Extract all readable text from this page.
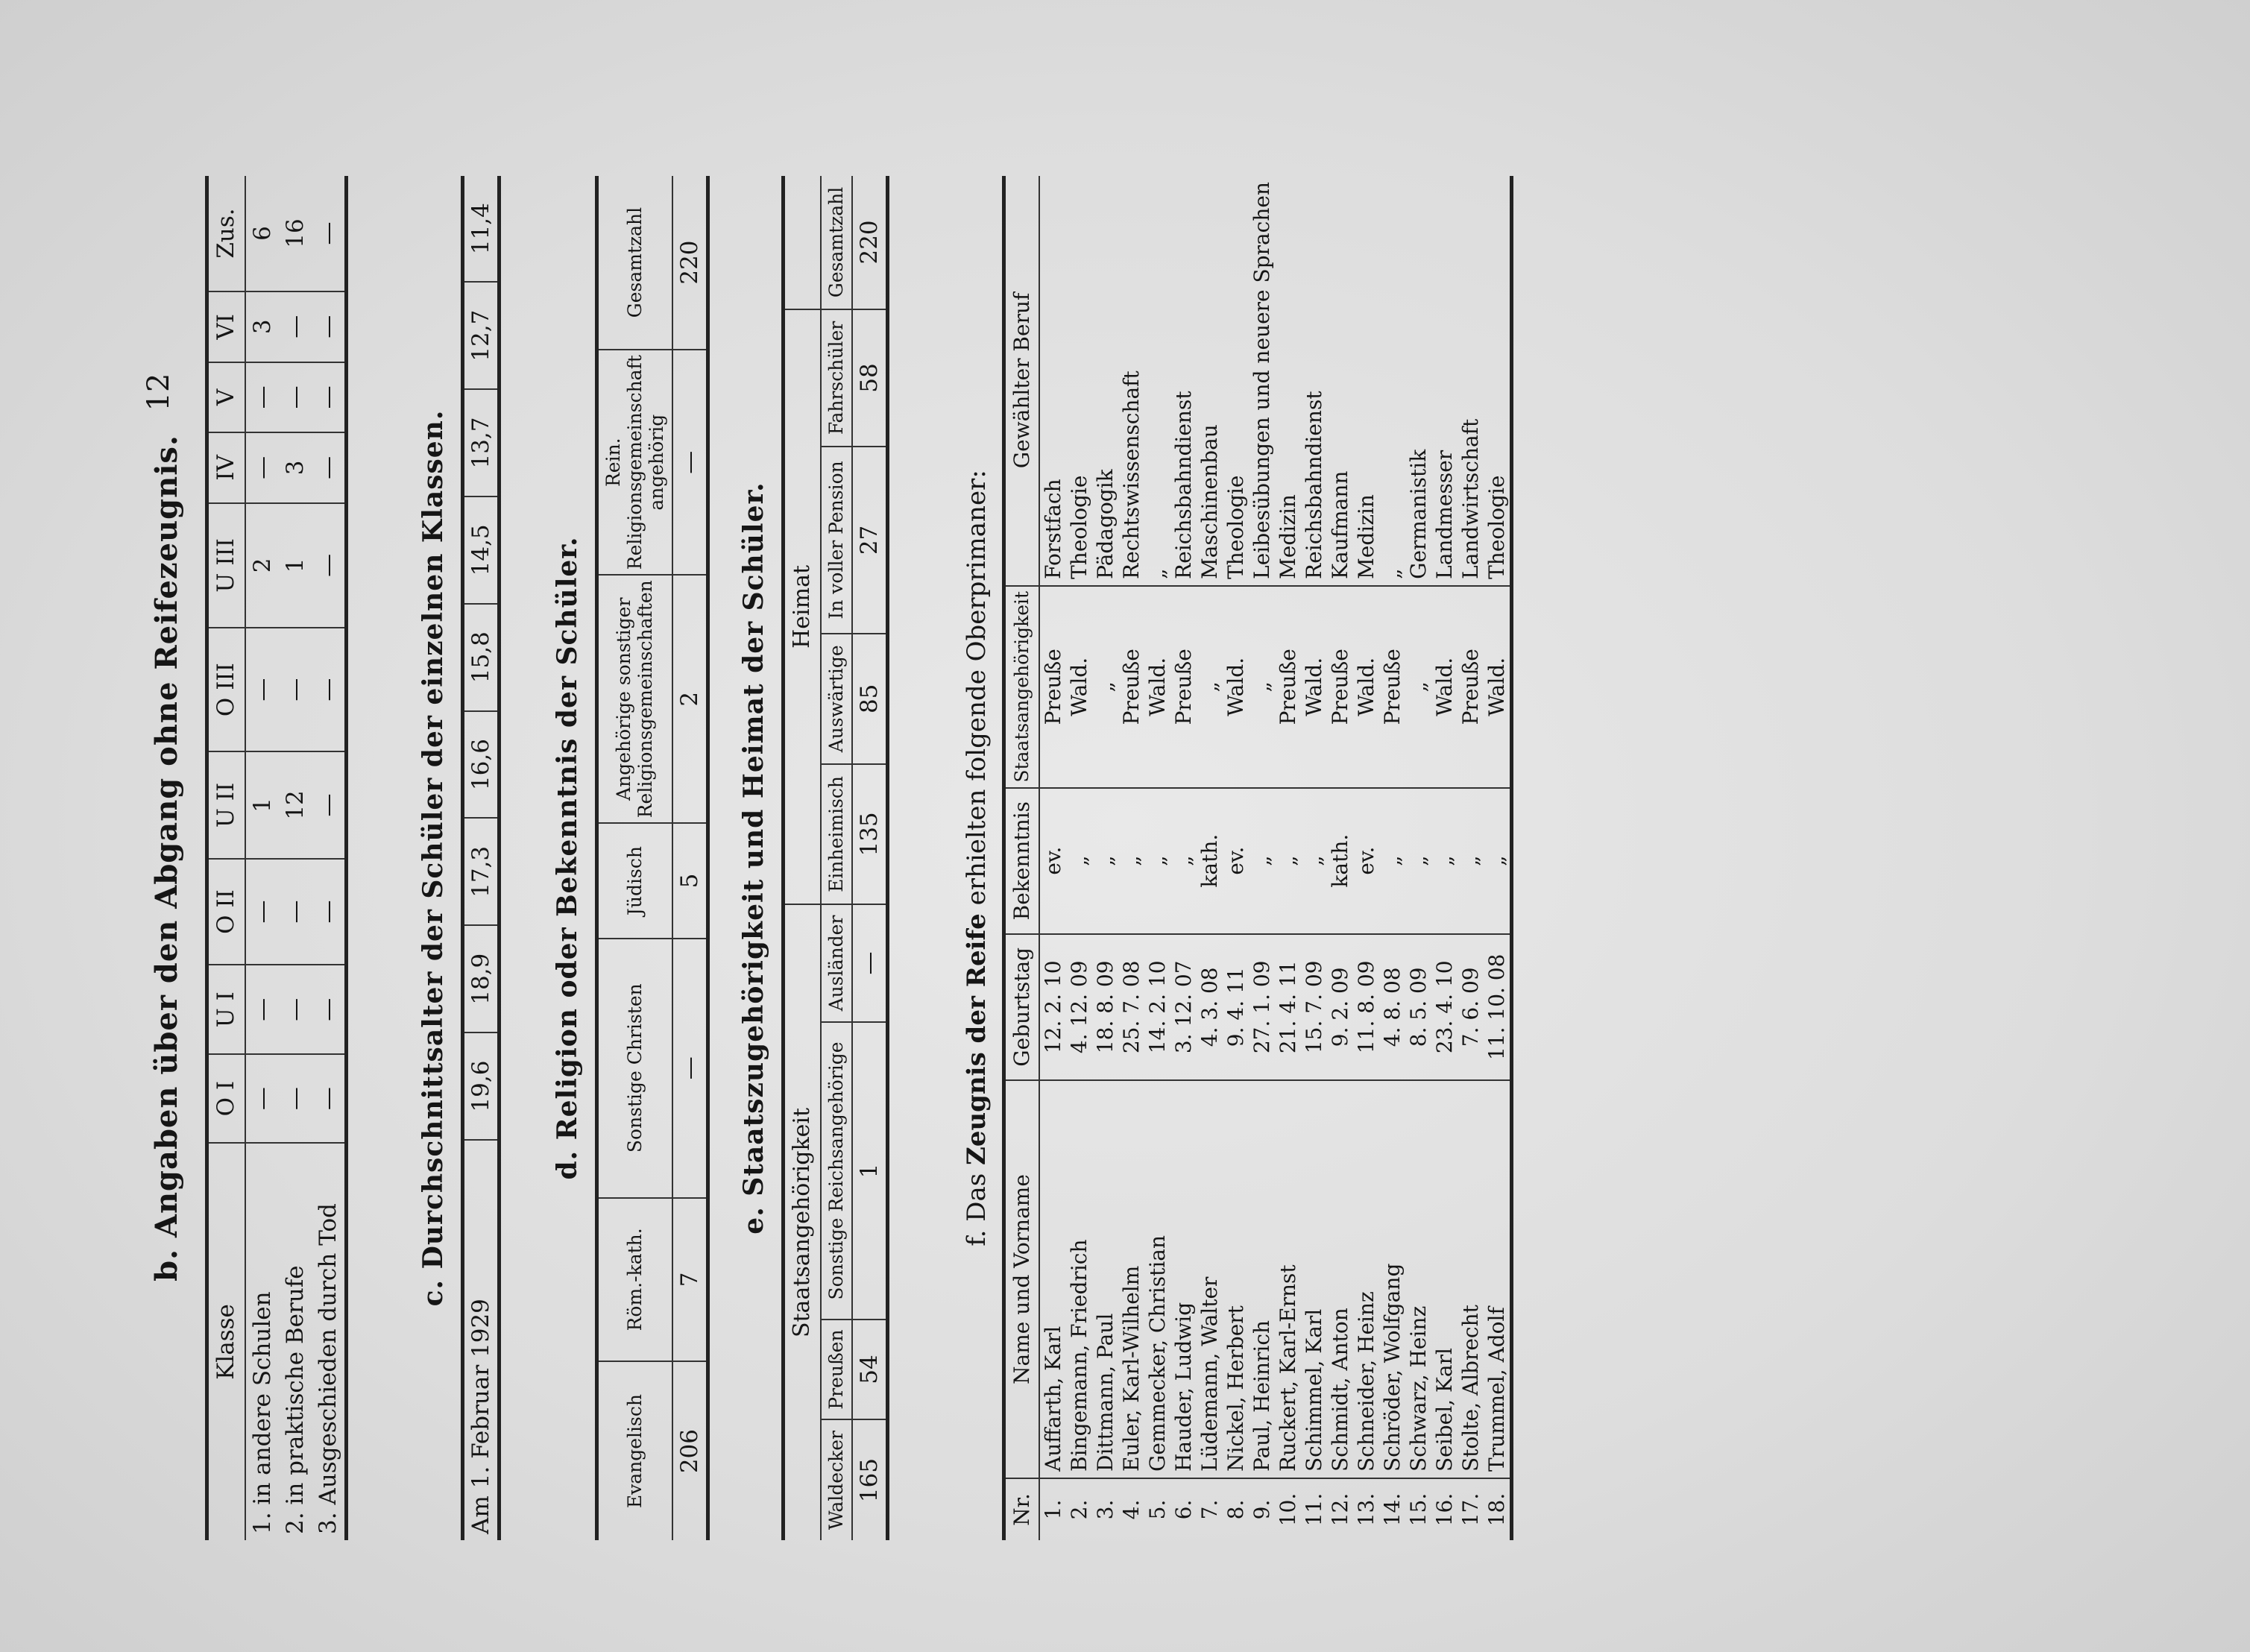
12
b. Angaben über den Abgang ohne Reifezeugnis.
Klasse	O I	U I	O II	U II	O III	U III	IV	V	VI	Zus.
1. in andere Schulen	—	—	—	1	—	2	—	—	3	6
2. in praktische Berufe	—	—	—	12	—	1	3	—	—	16
3. Ausgeschieden durch Tod	—	—	—	—	—	—	—	—	—	—
c. Durchschnittsalter der Schüler der einzelnen Klassen.
Am 1. Februar 1929	19,6	18,9	17,3	16,6	15,8	14,5	13,7	12,7	11,4
d. Religion oder Bekenntnis der Schüler.
Evangelisch	Röm.-kath.	Sonstige Christen	Jüdisch	Angehörige sonstiger Religionsgemeinschaften	Rein. Religionsgemeinschaft angehörig	Gesamtzahl
206	7	—	5	2	—	220
e. Staatszugehörigkeit und Heimat der Schüler. Staatsangehörigkeit				Heimat				
Waldecker	Preußen	Sonstige Reichsangehörige	Ausländer	Einheimisch	Auswärtige	In voller Pension	Fahrschüler	Gesamtzahl
165	54	1	—	135	85	27	58	220

f. Das Zeugnis der Reife erhielten folgende Oberprimaner:

Nr.	Name und Vorname	Geburtstag	Bekenntnis	Staatsangehörigkeit	Gewählter Beruf
1.	Auffarth, Karl	12. 2. 10	ev.	Preuße	Forstfach
2.	Bingemann, Friedrich	4. 12. 09	„	Wald.	Theologie
3.	Dittmann, Paul	18. 8. 09	„	„	Pädagogik
4.	Euler, Karl-Wilhelm	25. 7. 08	„	Preuße	Rechtswissenschaft
5.	Gemmecker, Christian	14. 2. 10	„	Wald.	„
6.	Hauder, Ludwig	3. 12. 07	„	Preuße	Reichsbahndienst
7.	Lüdemann, Walter	4. 3. 08	kath.	„	Maschinenbau
8.	Nickel, Herbert	9. 4. 11	ev.	Wald.	Theologie
9.	Paul, Heinrich	27. 1. 09	„	„	Leibesübungen und neuere Sprachen
10.	Ruckert, Karl-Ernst	21. 4. 11	„	Preuße	Medizin
11.	Schimmel, Karl	15. 7. 09	„	Wald.	Reichsbahndienst
12.	Schmidt, Anton	9. 2. 09	kath.	Preuße	Kaufmann
13.	Schneider, Heinz	11. 8. 09	ev.	Wald.	Medizin
14.	Schröder, Wolfgang	4. 8. 08	„	Preuße	„
15.	Schwarz, Heinz	8. 5. 09	„	„	Germanistik
16.	Seibel, Karl	23. 4. 10	„	Wald.	Landmesser
17.	Stolte, Albrecht	7. 6. 09	„	Preuße	Landwirtschaft
18.	Trummel, Adolf	11. 10. 08	„	Wald.	Theologie
